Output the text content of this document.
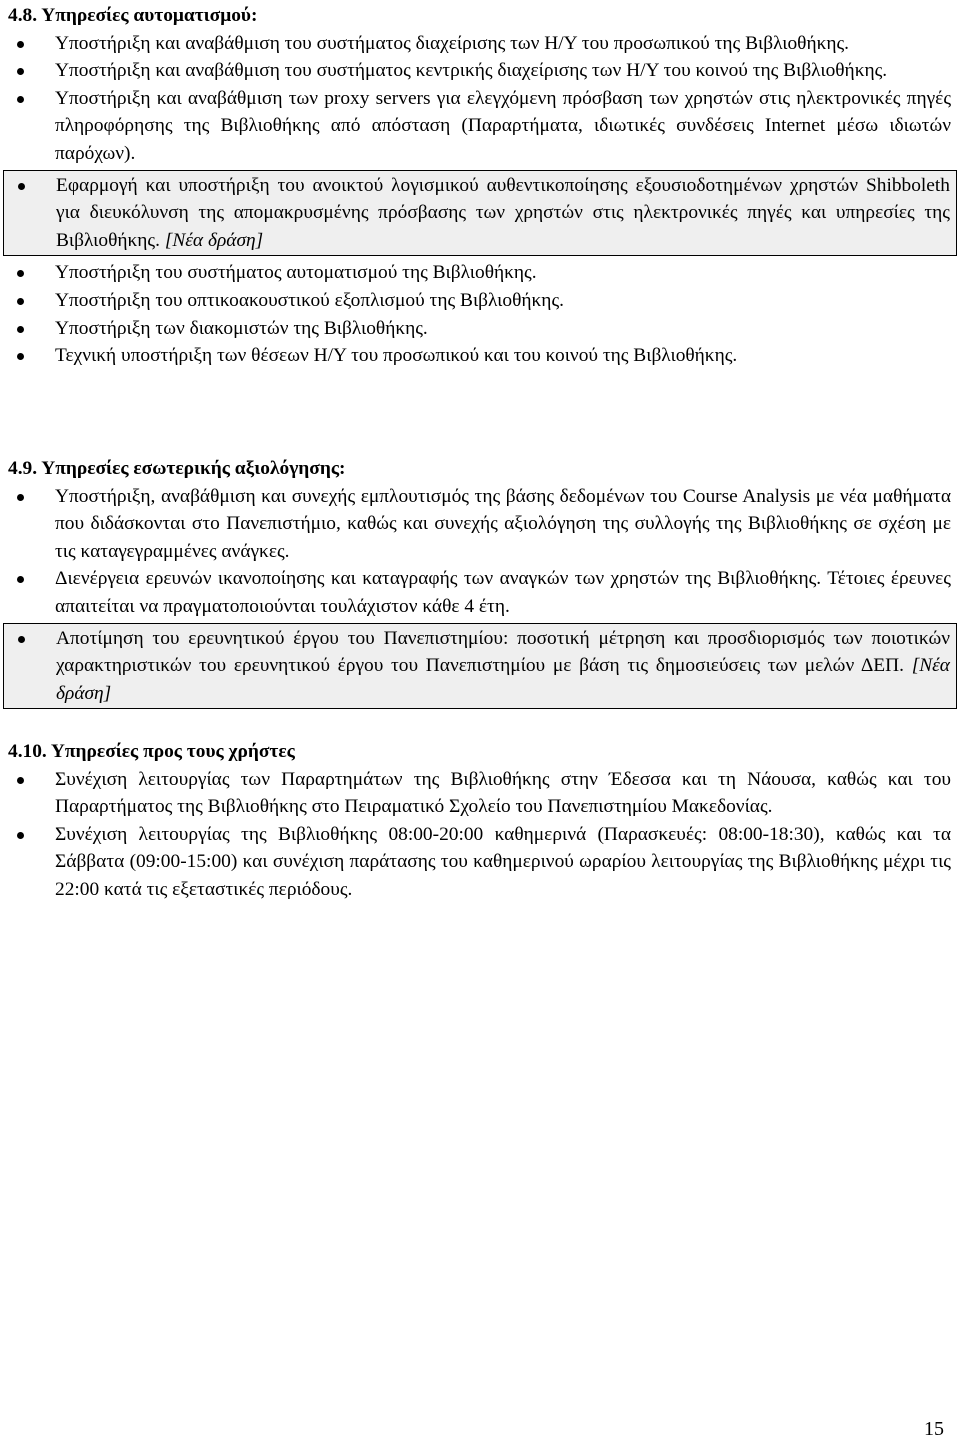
4.8. Υπηρεσίες αυτοματισμού:

Υποστήριξη και αναβάθμιση του συστήματος διαχείρισης των Η/Υ του προσωπικού της Βιβλιοθήκης.
Υποστήριξη και αναβάθμιση του συστήματος κεντρικής διαχείρισης των Η/Υ του κοινού της Βιβλιοθήκης.
Υποστήριξη και αναβάθμιση των proxy servers για ελεγχόμενη πρόσβαση των χρηστών στις ηλεκτρονικές πηγές πληροφόρησης της Βιβλιοθήκης από απόσταση (Παραρτήματα, ιδιωτικές συνδέσεις Internet μέσω ιδιωτών παρόχων).
Εφαρμογή και υποστήριξη του ανοικτού λογισμικού αυθεντικοποίησης εξουσιοδοτημένων χρηστών Shibboleth για διευκόλυνση της απομακρυσμένης πρόσβασης των χρηστών στις ηλεκτρονικές πηγές και υπηρεσίες της Βιβλιοθήκης. [Νέα δράση]
Υποστήριξη του συστήματος αυτοματισμού της Βιβλιοθήκης.
Υποστήριξη του οπτικοακουστικού εξοπλισμού της Βιβλιοθήκης.
Υποστήριξη των διακομιστών της Βιβλιοθήκης.
Τεχνική υποστήριξη των θέσεων Η/Υ του προσωπικού και του κοινού της Βιβλιοθήκης.

4.9. Υπηρεσίες εσωτερικής αξιολόγησης:

Υποστήριξη, αναβάθμιση και συνεχής εμπλουτισμός της βάσης δεδομένων του Course Analysis με νέα μαθήματα που διδάσκονται στο Πανεπιστήμιο, καθώς και συνεχής αξιολόγηση της συλλογής της Βιβλιοθήκης σε σχέση με τις καταγεγραμμένες ανάγκες.
Διενέργεια ερευνών ικανοποίησης και καταγραφής των αναγκών των χρηστών της Βιβλιοθήκης. Τέτοιες έρευνες απαιτείται να πραγματοποιούνται τουλάχιστον κάθε 4 έτη.
Αποτίμηση του ερευνητικού έργου του Πανεπιστημίου: ποσοτική μέτρηση και προσδιορισμός των ποιοτικών χαρακτηριστικών του ερευνητικού έργου του Πανεπιστημίου με βάση τις δημοσιεύσεις των μελών ΔΕΠ. [Νέα δράση]

4.10. Υπηρεσίες προς τους χρήστες

Συνέχιση λειτουργίας των Παραρτημάτων της Βιβλιοθήκης στην Έδεσσα και τη Νάουσα, καθώς και του Παραρτήματος της Βιβλιοθήκης στο Πειραματικό Σχολείο του Πανεπιστημίου Μακεδονίας.
Συνέχιση λειτουργίας της Βιβλιοθήκης 08:00-20:00 καθημερινά (Παρασκευές: 08:00-18:30), καθώς και τα Σάββατα (09:00-15:00) και συνέχιση παράτασης του καθημερινού ωραρίου λειτουργίας της Βιβλιοθήκης μέχρι τις 22:00 κατά τις εξεταστικές περιόδους.
15
